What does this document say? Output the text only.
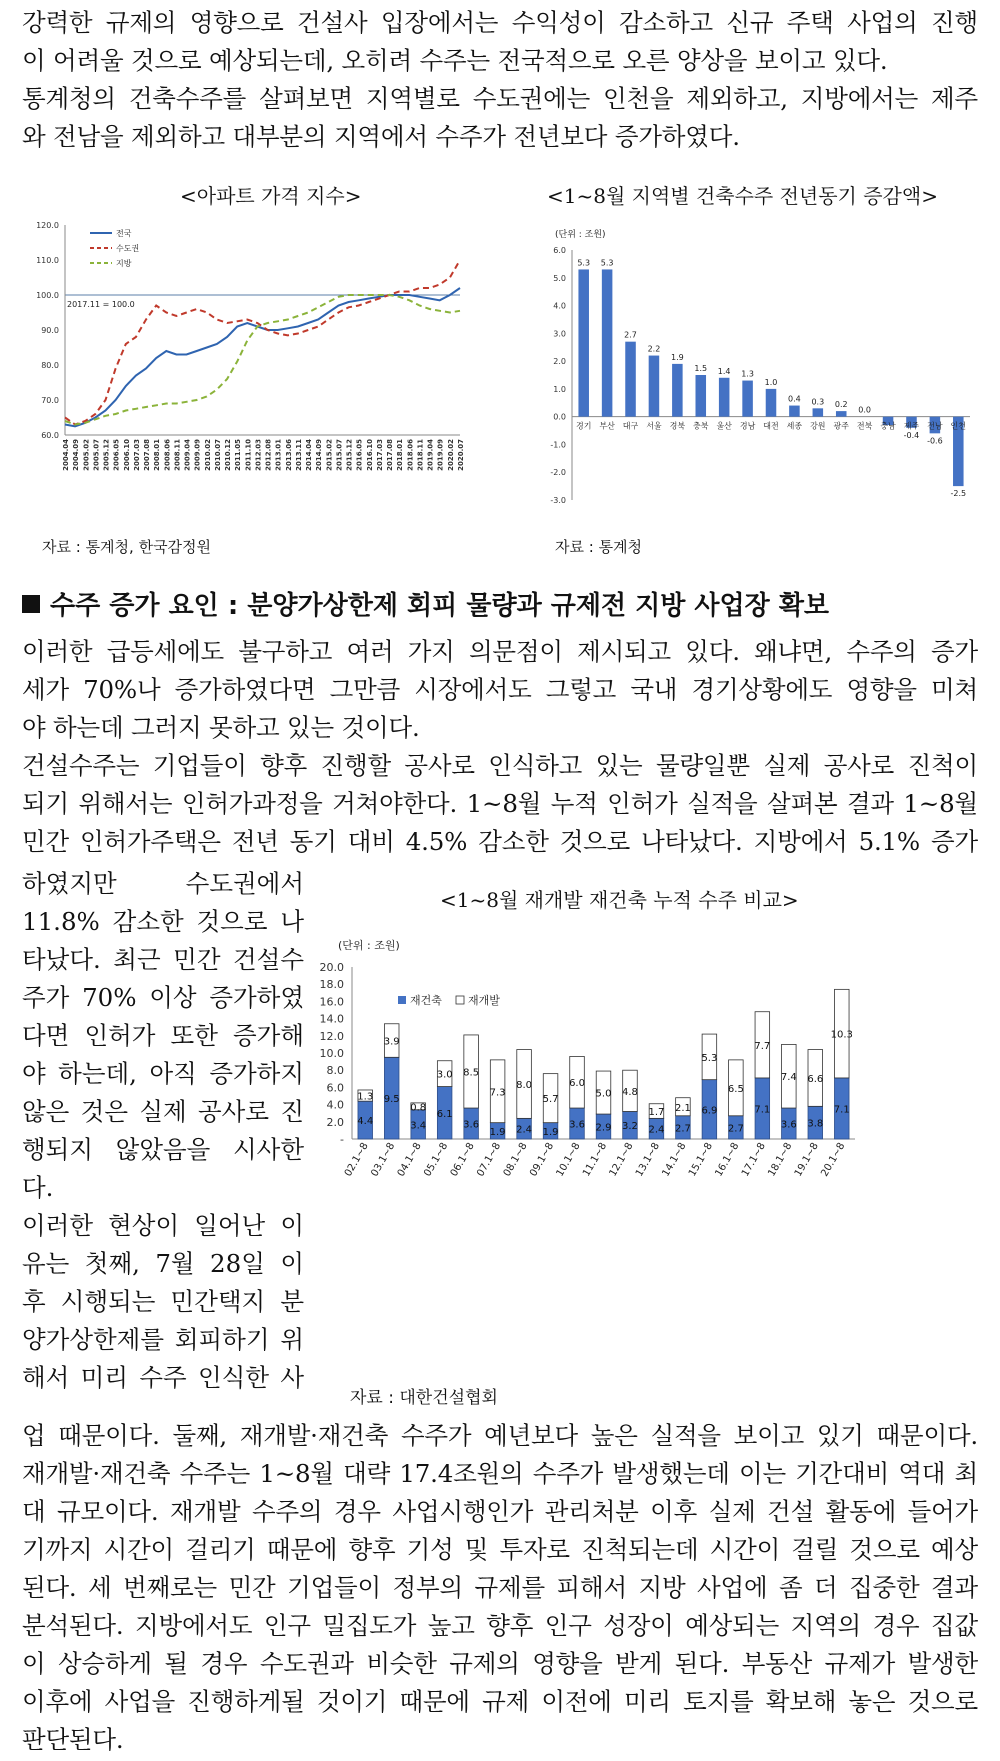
강력한 규제의 영향으로 건설사 입장에서는 수익성이 감소하고 신규 주택 사업의 진행
이 어려울 것으로 예상되는데, 오히려 수주는 전국적으로 오른 양상을 보이고 있다.
통계청의 건축수주를 살펴보면 지역별로 수도권에는 인천을 제외하고, 지방에서는 제주
와 전남을 제외하고 대부분의 지역에서 수주가 전년보다 증가하였다.
<아파트 가격 지수>	<1~8월 지역별 건축수주 전년동기 증감액>
2017.11 = 100.0
60.0
70.0
80.0
90.0
100.0
110.0
120.0
2004.04 2004.09 2005.02 2005.07 2005.12 2006.05 2006.10 2007.03 2007.08 2008.01 2008.06 2008.11 2009.04 2009.09 2010.02 2010.07 2010.12 2011.05 2011.10 2012.03 2012.08 2013.01 2013.06 2013.11 2014.04 2014.09 2015.02 2015.07 2015.12 2016.05 2016.10 2017.03 2017.08 2018.01 2018.06 2018.11 2019.04 2019.09 2020.02 2020.07
전국
수도권
지방
자료 : 통계청, 한국감정원
(단위 : 조원)
-3.0
-2.0
-1.0
0.0
1.0
2.0
3.0
4.0
5.0
6.0
5.3
경기
5.3
부산
2.7
대구
2.2
서울
1.9
경북
1.5
충북
1.4
울산
1.3
경남
1.0
대전
0.4
세종
0.3
강원
0.2
광주
0.0
전북 충남
-0.4
제주
-0.6
전남
-2.5
인천
자료 : 통계청
수주 증가 요인 : 분양가상한제 회피 물량과 규제전 지방 사업장 확보
이러한 급등세에도 불구하고 여러 가지 의문점이 제시되고 있다. 왜냐면, 수주의 증가
세가 70%나 증가하였다면 그만큼 시장에서도 그렇고 국내 경기상황에도 영향을 미쳐
야 하는데 그러지 못하고 있는 것이다.
건설수주는 기업들이 향후 진행할 공사로 인식하고 있는 물량일뿐 실제 공사로 진척이
되기 위해서는 인허가과정을 거쳐야한다. 1~8월 누적 인허가 실적을 살펴본 결과 1~8월
민간 인허가주택은 전년 동기 대비 4.5% 감소한 것으로 나타났다. 지방에서 5.1% 증가
하였지만 수도권에서
11.8% 감소한 것으로 나
타났다. 최근 민간 건설수
주가 70% 이상 증가하였
다면 인허가 또한 증가해
야 하는데, 아직 증가하지
않은 것은 실제 공사로 진
행되지 않았음을 시사한
다.
이러한 현상이 일어난 이
유는 첫째, 7월 28일 이
후 시행되는 민간택지 분
양가상한제를 회피하기 위
해서 미리 수주 인식한 사
<1~8월 재개발 재건축 누적 수주 비교>
(단위 : 조원)
-
2.0
4.0
6.0
8.0
10.0
12.0
14.0
16.0
18.0
20.0
4.4
1.3
02.1~8
9.5
3.9
03.1~8
3.4
0.8
04.1~8
6.1
3.0
05.1~8
3.6
8.5
06.1~8
1.9
7.3
07.1~8
2.4
8.0
08.1~8
1.9
5.7
09.1~8
3.6
6.0
10.1~8
2.9
5.0
11.1~8
3.2
4.8
12.1~8
2.4
1.7
13.1~8
2.7
2.1
14.1~8
6.9
5.3
15.1~8
2.7
6.5
16.1~8
7.1
7.7
17.1~8
3.6
7.4
18.1~8
3.8
6.6
19.1~8
7.1
10.3
20.1~8
재건축 재개발
자료 : 대한건설협회
업 때문이다. 둘째, 재개발·재건축 수주가 예년보다 높은 실적을 보이고 있기 때문이다.
재개발·재건축 수주는 1~8월 대략 17.4조원의 수주가 발생했는데 이는 기간대비 역대 최
대 규모이다. 재개발 수주의 경우 사업시행인가 관리처분 이후 실제 건설 활동에 들어가
기까지 시간이 걸리기 때문에 향후 기성 및 투자로 진척되는데 시간이 걸릴 것으로 예상
된다. 세 번째로는 민간 기업들이 정부의 규제를 피해서 지방 사업에 좀 더 집중한 결과
분석된다. 지방에서도 인구 밀집도가 높고 향후 인구 성장이 예상되는 지역의 경우 집값
이 상승하게 될 경우 수도권과 비슷한 규제의 영향을 받게 된다. 부동산 규제가 발생한
이후에 사업을 진행하게될 것이기 때문에 규제 이전에 미리 토지를 확보해 놓은 것으로
판단된다.
